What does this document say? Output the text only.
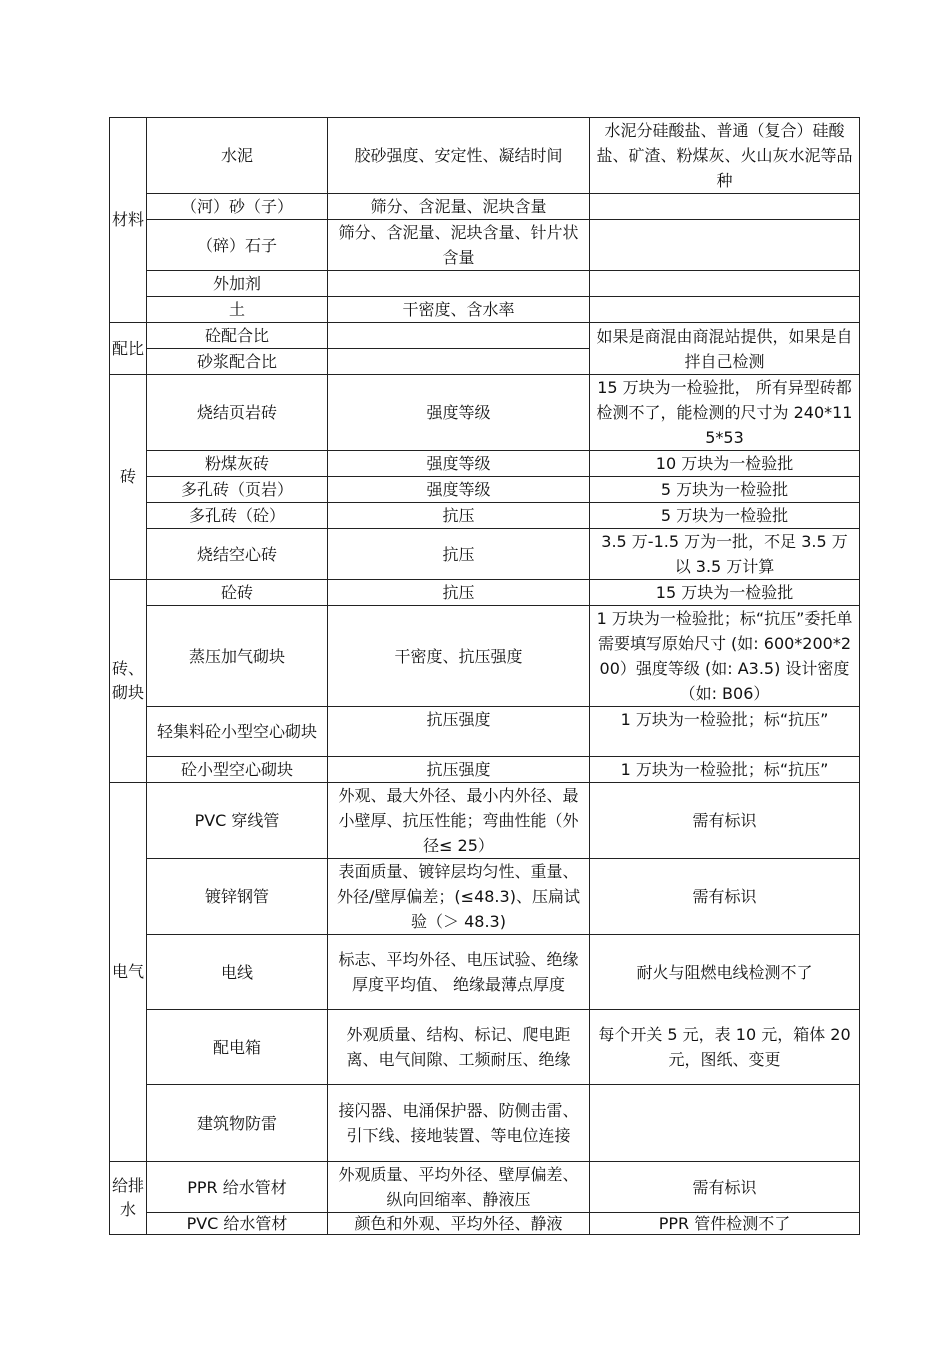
材料	水泥	胶砂强度、安定性、凝结时间	水泥分硅酸盐、普通（复合）硅酸盐、矿渣、粉煤灰、火山灰水泥等品种
	（河）砂（子）	筛分、含泥量、泥块含量	
	（碎）石子	筛分、含泥量、泥块含量、针片状含量	
	外加剂		
	土	干密度、含水率	
配比	砼配合比		如果是商混由商混站提供，如果是自拌自己检测
	砂浆配合比		
砖	烧结页岩砖	强度等级	15 万块为一检验批， 所有异型砖都检测不了，能检测的尺寸为 240*115*53
	粉煤灰砖	强度等级	10 万块为一检验批
	多孔砖（页岩）	强度等级	5 万块为一检验批
	多孔砖（砼）	抗压	5 万块为一检验批
	烧结空心砖	抗压	3.5 万-1.5 万为一批，不足 3.5 万以 3.5 万计算
砖、砌块	砼砖	抗压	15 万块为一检验批
	蒸压加气砌块	干密度、抗压强度	1 万块为一检验批；标“抗压”委托单需要填写原始尺寸 (如: 600*200*200）强度等级 (如: A3.5) 设计密度（如: B06）
	轻集料砼小型空心砌块	抗压强度	1 万块为一检验批；标“抗压”
	砼小型空心砌块	抗压强度	1 万块为一检验批；标“抗压”
电气	PVC 穿线管	外观、最大外径、最小内外径、最小壁厚、抗压性能；弯曲性能（外径≤ 25）	需有标识
	镀锌钢管	表面质量、镀锌层均匀性、重量、外径/壁厚偏差；(≤48.3)、压扁试验（＞ 48.3)	需有标识
	电线	标志、平均外径、电压试验、绝缘厚度平均值、 绝缘最薄点厚度	耐火与阻燃电线检测不了
	配电箱	外观质量、结构、标记、爬电距离、电气间隙、工频耐压、绝缘	每个开关 5 元，表 10 元，箱体 20 元，图纸、变更
	建筑物防雷	接闪器、电涌保护器、防侧击雷、引下线、接地装置、等电位连接	
给排水	PPR 给水管材	外观质量、平均外径、壁厚偏差、纵向回缩率、静液压	需有标识
	PVC 给水管材	颜色和外观、平均外径、静液	PPR 管件检测不了
